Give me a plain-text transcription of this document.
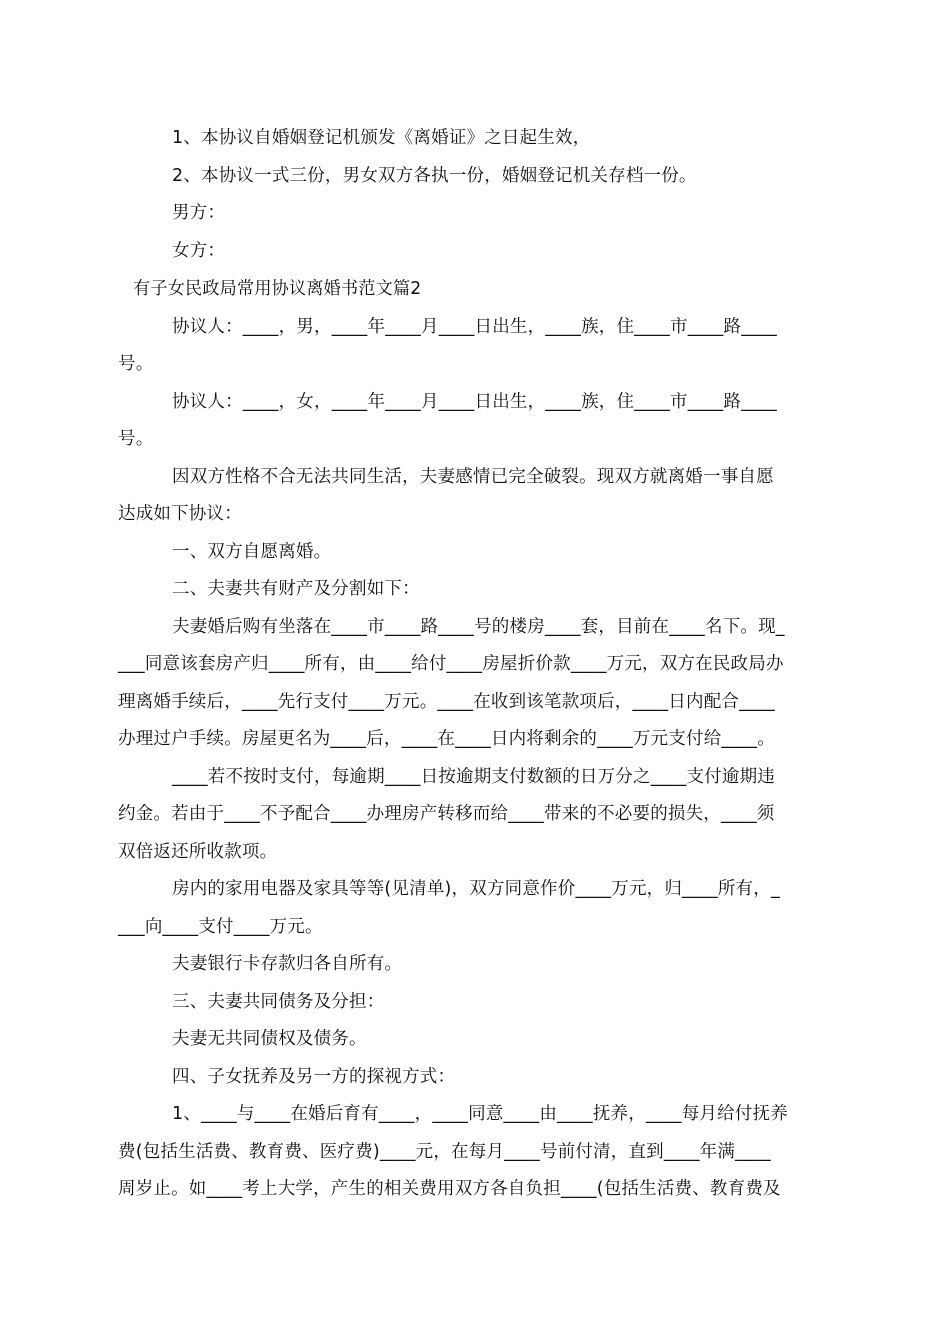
1、本协议自婚姻登记机颁发《离婚证》之日起生效，
2、本协议一式三份，男女双方各执一份，婚姻登记机关存档一份。
男方：
女方：
有子女民政局常用协议离婚书范文篇2
协议人：____，男，____年____月____日出生，____族，住____市____路____
号。
协议人：____，女，____年____月____日出生，____族，住____市____路____
号。
因双方性格不合无法共同生活，夫妻感情已完全破裂。现双方就离婚一事自愿
达成如下协议：
一、双方自愿离婚。
二、夫妻共有财产及分割如下：
夫妻婚后购有坐落在____市____路____号的楼房____套，目前在____名下。现_
___同意该套房产归____所有，由____给付____房屋折价款____万元，双方在民政局办
理离婚手续后，____先行支付____万元。____在收到该笔款项后，____日内配合____
办理过户手续。房屋更名为____后，____在____日内将剩余的____万元支付给____。
____若不按时支付，每逾期____日按逾期支付数额的日万分之____支付逾期违
约金。若由于____不予配合____办理房产转移而给____带来的不必要的损失，____须
双倍返还所收款项。
房内的家用电器及家具等等(见清单)，双方同意作价____万元，归____所有，_
___向____支付____万元。
夫妻银行卡存款归各自所有。
三、夫妻共同债务及分担：
夫妻无共同债权及债务。
四、子女抚养及另一方的探视方式：
1、____与____在婚后育有____，____同意____由____抚养，____每月给付抚养
费(包括生活费、教育费、医疗费)____元，在每月____号前付清，直到____年满____
周岁止。如____考上大学，产生的相关费用双方各自负担____(包括生活费、教育费及
